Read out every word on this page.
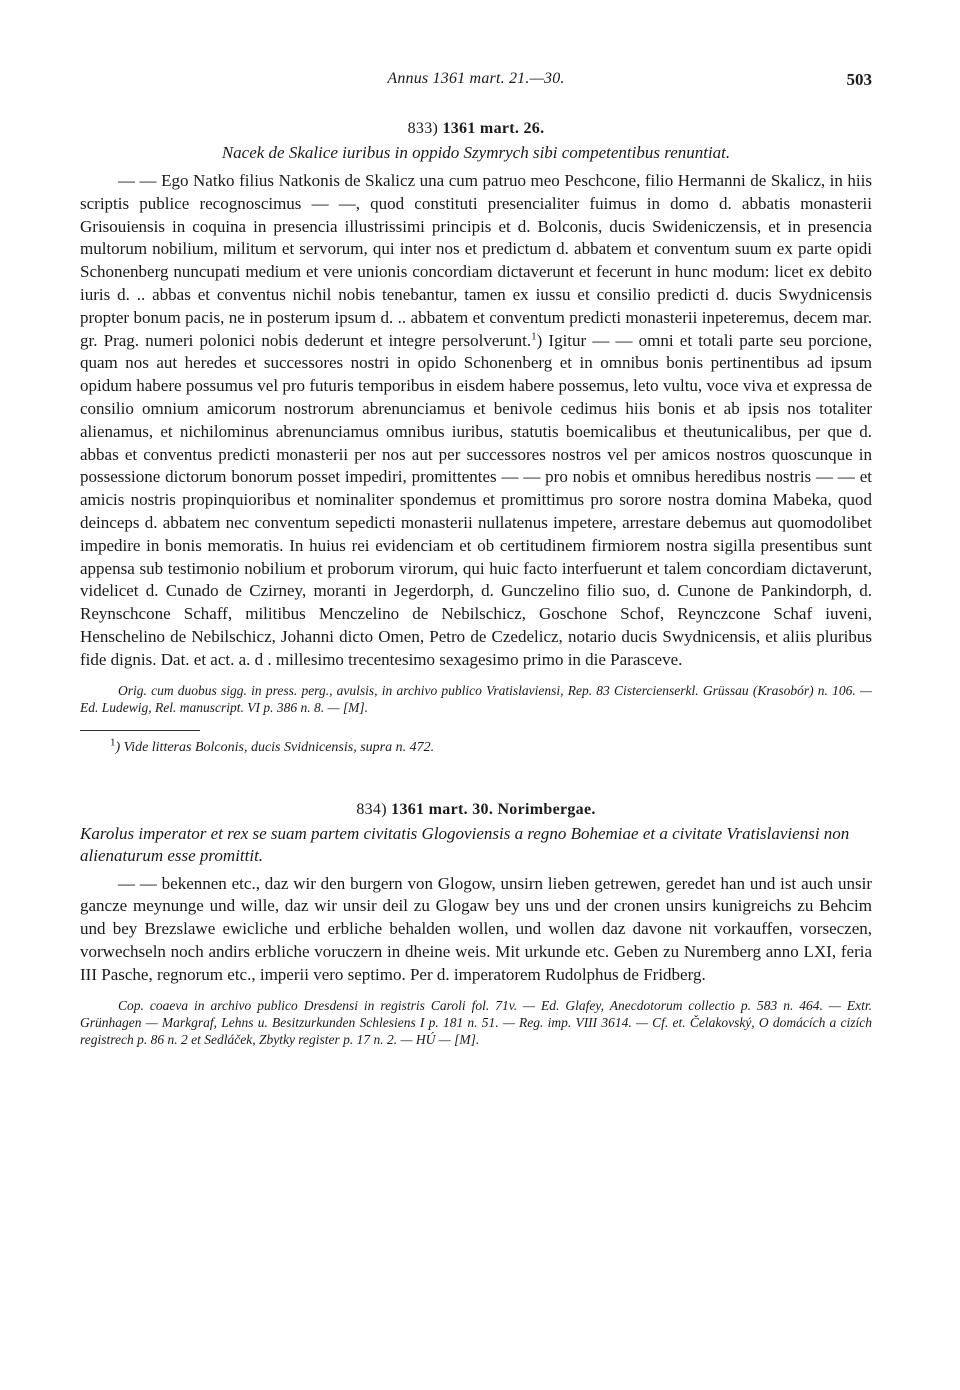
Annus 1361 mart. 21.—30.	503
833) 1361 mart. 26.
Nacek de Skalice iuribus in oppido Szymrych sibi competentibus renuntiat.
— — Ego Natko filius Natkonis de Skalicz una cum patruo meo Peschcone, filio Hermanni de Skalicz, in hiis scriptis publice recognoscimus — —, quod constituti presencialiter fuimus in domo d. abbatis monasterii Grisouiensis in coquina in presencia illustrissimi principis et d. Bolconis, ducis Swideniczensis, et in presencia multorum nobilium, militum et servorum, qui inter nos et predictum d. abbatem et conventum suum ex parte opidi Schonenberg nuncupati medium et vere unionis concordiam dictaverunt et fecerunt in hunc modum: licet ex debito iuris d. .. abbas et conventus nichil nobis tenebantur, tamen ex iussu et consilio predicti d. ducis Swydnicensis propter bonum pacis, ne in posterum ipsum d. .. abbatem et conventum predicti monasterii inpeteremus, decem mar. gr. Prag. numeri polonici nobis dederunt et integre persolverunt.$^1$) Igitur — — omni et totali parte seu porcione, quam nos aut heredes et successores nostri in opido Schonenberg et in omnibus bonis pertinentibus ad ipsum opidum habere possumus vel pro futuris temporibus in eisdem habere possemus, leto vultu, voce viva et expressa de consilio omnium amicorum nostrorum abrenunciamus et benivole cedimus hiis bonis et ab ipsis nos totaliter alienamus, et nichilominus abrenunciamus omnibus iuribus, statutis boemicalibus et theutunicalibus, per que d. abbas et conventus predicti monasterii per nos aut per successores nostros vel per amicos nostros quoscunque in possessione dictorum bonorum posset impediri, promittentes — — pro nobis et omnibus heredibus nostris — — et amicis nostris propinquioribus et nominaliter spondemus et promittimus pro sorore nostra domina Mabeka, quod deinceps d. abbatem nec conventum sepedicti monasterii nullatenus impetere, arrestare debemus aut quomodolibet impedire in bonis memoratis. In huius rei evidenciam et ob certitudinem firmiorem nostra sigilla presentibus sunt appensa sub testimonio nobilium et proborum virorum, qui huic facto interfuerunt et talem concordiam dictaverunt, videlicet d. Cunado de Czirney, moranti in Jegerdorph, d. Gunczelino filio suo, d. Cunone de Pankindorph, d. Reynschcone Schaff, militibus Menczelino de Nebilschicz, Goschone Schof, Reynczcone Schaf iuveni, Henschelino de Nebilschicz, Johanni dicto Omen, Petro de Czedelicz, notario ducis Swydnicensis, et aliis pluribus fide dignis. Dat. et act. a. d . millesimo trecentesimo sexagesimo primo in die Parasceve.
Orig. cum duobus sigg. in press. perg., avulsis, in archivo publico Vratislaviensi, Rep. 83 Cistercienserkl. Grüssau (Krasobór) n. 106. — Ed. Ludewig, Rel. manuscript. VI p. 386 n. 8. — [M].
$^1$) Vide litteras Bolconis, ducis Svidnicensis, supra n. 472.
834) 1361 mart. 30. Norimbergae.
Karolus imperator et rex se suam partem civitatis Glogoviensis a regno Bohemiae et a civitate Vratislaviensi non alienaturum esse promittit.
— — bekennen etc., daz wir den burgern von Glogow, unsirn lieben getrewen, geredet han und ist auch unsir gancze meynunge und wille, daz wir unsir deil zu Glogaw bey uns und der cronen unsirs kunigreichs zu Behcim und bey Brezslawe ewicliche und erbliche behalden wollen, und wollen daz davone nit vorkauffen, vorseczen, vorwechseln noch andirs erbliche voruczern in dheine weis. Mit urkunde etc. Geben zu Nuremberg anno LXI, feria III Pasche, regnorum etc., imperii vero septimo. Per d. imperatorem Rudolphus de Fridberg.
Cop. coaeva in archivo publico Dresdensi in registris Caroli fol. 71v. — Ed. Glafey, Anecdotorum collectio p. 583 n. 464. — Extr. Grünhagen — Markgraf, Lehns u. Besitzurkunden Schlesiens I p. 181 n. 51. — Reg. imp. VIII 3614. — Cf. et. Čelakovský, O domácích a cizích registrech p. 86 n. 2 et Sedláček, Zbytky register p. 17 n. 2. — HÚ — [M].
